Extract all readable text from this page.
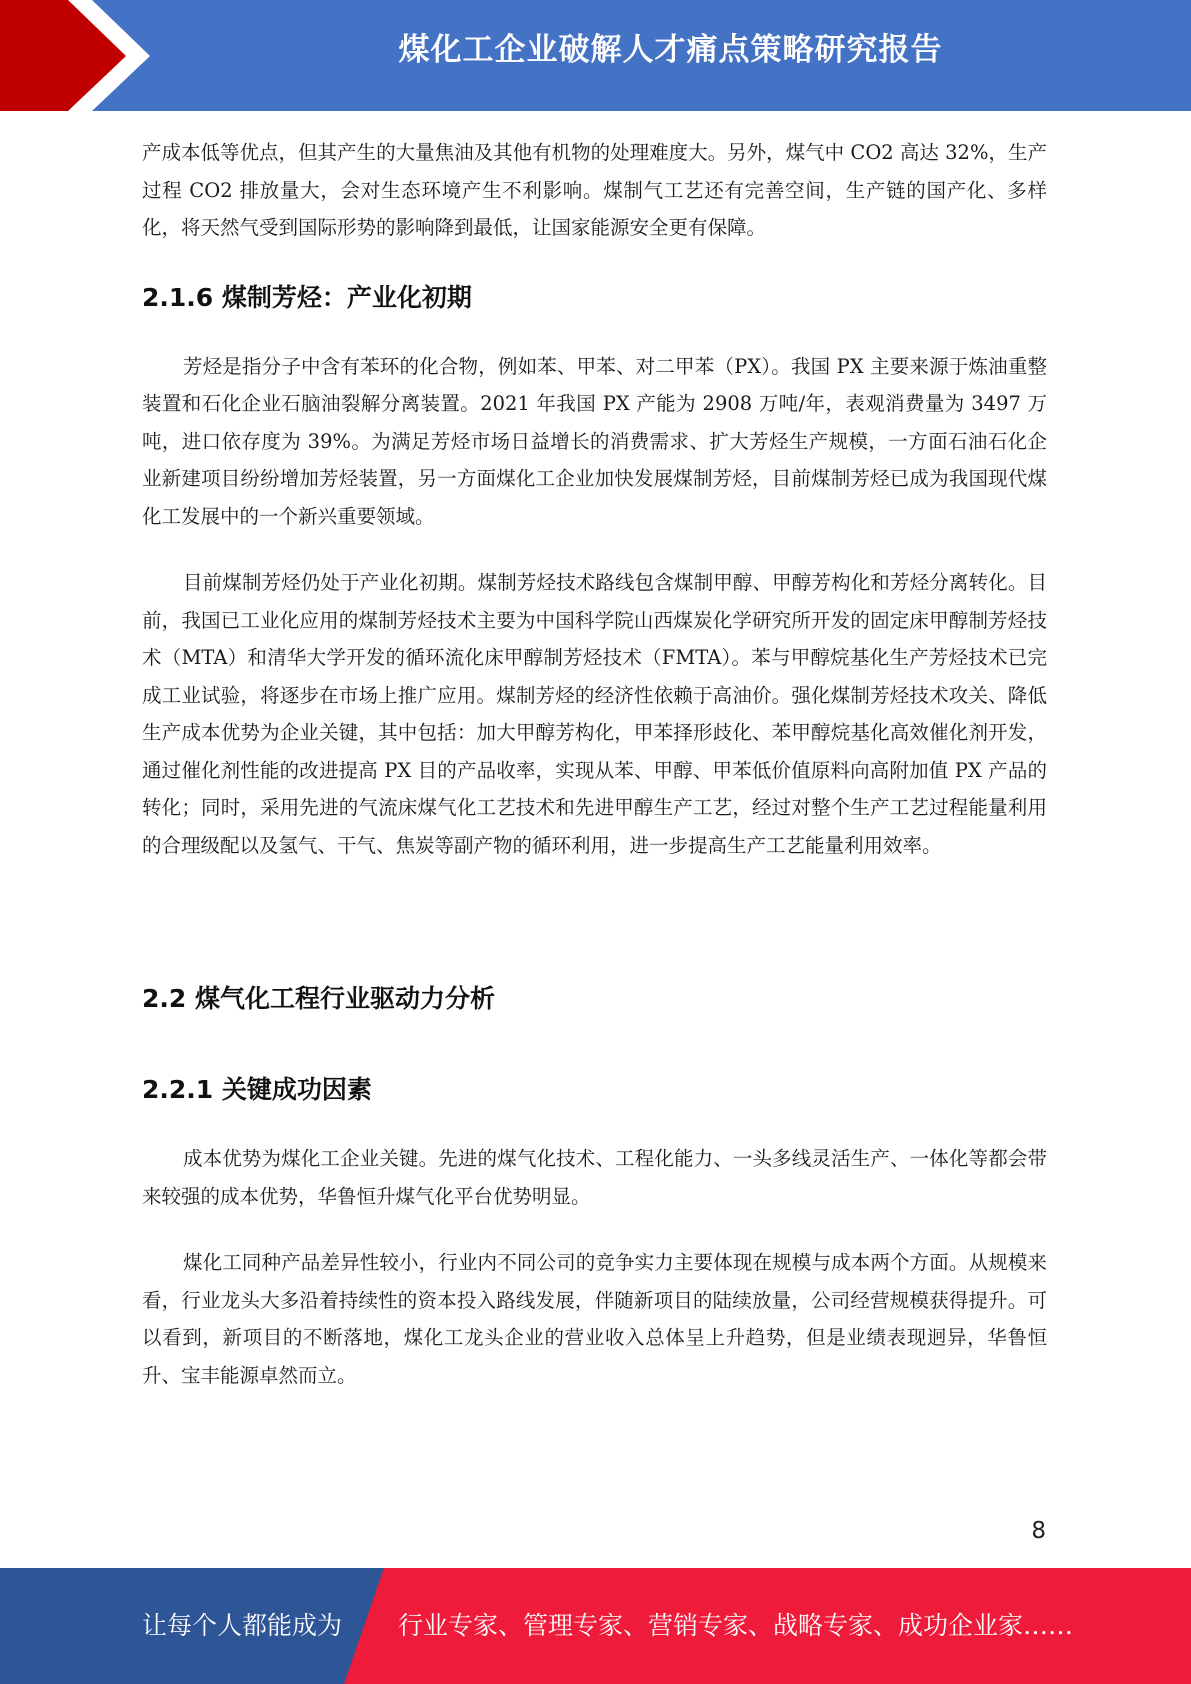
煤化工企业破解人才痛点策略研究报告

产成本低等优点，但其产生的大量焦油及其他有机物的处理难度大。另外，煤气中 CO2 高达 32%，生产过程 CO2 排放量大，会对生态环境产生不利影响。煤制气工艺还有完善空间，生产链的国产化、多样化，将天然气受到国际形势的影响降到最低，让国家能源安全更有保障。

2.1.6 煤制芳烃：产业化初期

芳烃是指分子中含有苯环的化合物，例如苯、甲苯、对二甲苯（PX）。我国 PX 主要来源于炼油重整装置和石化企业石脑油裂解分离装置。2021 年我国 PX 产能为 2908 万吨/年，表观消费量为 3497 万吨，进口依存度为 39%。为满足芳烃市场日益增长的消费需求、扩大芳烃生产规模，一方面石油石化企业新建项目纷纷增加芳烃装置，另一方面煤化工企业加快发展煤制芳烃，目前煤制芳烃已成为我国现代煤化工发展中的一个新兴重要领域。

目前煤制芳烃仍处于产业化初期。煤制芳烃技术路线包含煤制甲醇、甲醇芳构化和芳烃分离转化。目前，我国已工业化应用的煤制芳烃技术主要为中国科学院山西煤炭化学研究所开发的固定床甲醇制芳烃技术（MTA）和清华大学开发的循环流化床甲醇制芳烃技术（FMTA）。苯与甲醇烷基化生产芳烃技术已完成工业试验，将逐步在市场上推广应用。煤制芳烃的经济性依赖于高油价。强化煤制芳烃技术攻关、降低生产成本优势为企业关键，其中包括：加大甲醇芳构化，甲苯择形歧化、苯甲醇烷基化高效催化剂开发，通过催化剂性能的改进提高 PX 目的产品收率，实现从苯、甲醇、甲苯低价值原料向高附加值 PX 产品的转化；同时，采用先进的气流床煤气化工艺技术和先进甲醇生产工艺，经过对整个生产工艺过程能量利用的合理级配以及氢气、干气、焦炭等副产物的循环利用，进一步提高生产工艺能量利用效率。

2.2 煤气化工程行业驱动力分析
2.2.1 关键成功因素

成本优势为煤化工企业关键。先进的煤气化技术、工程化能力、一头多线灵活生产、一体化等都会带来较强的成本优势，华鲁恒升煤气化平台优势明显。

煤化工同种产品差异性较小，行业内不同公司的竞争实力主要体现在规模与成本两个方面。从规模来看，行业龙头大多沿着持续性的资本投入路线发展，伴随新项目的陆续放量，公司经营规模获得提升。可以看到，新项目的不断落地，煤化工龙头企业的营业收入总体呈上升趋势，但是业绩表现迥异，华鲁恒升、宝丰能源卓然而立。

8
让每个人都能成为 行业专家、管理专家、营销专家、战略专家、成功企业家……
